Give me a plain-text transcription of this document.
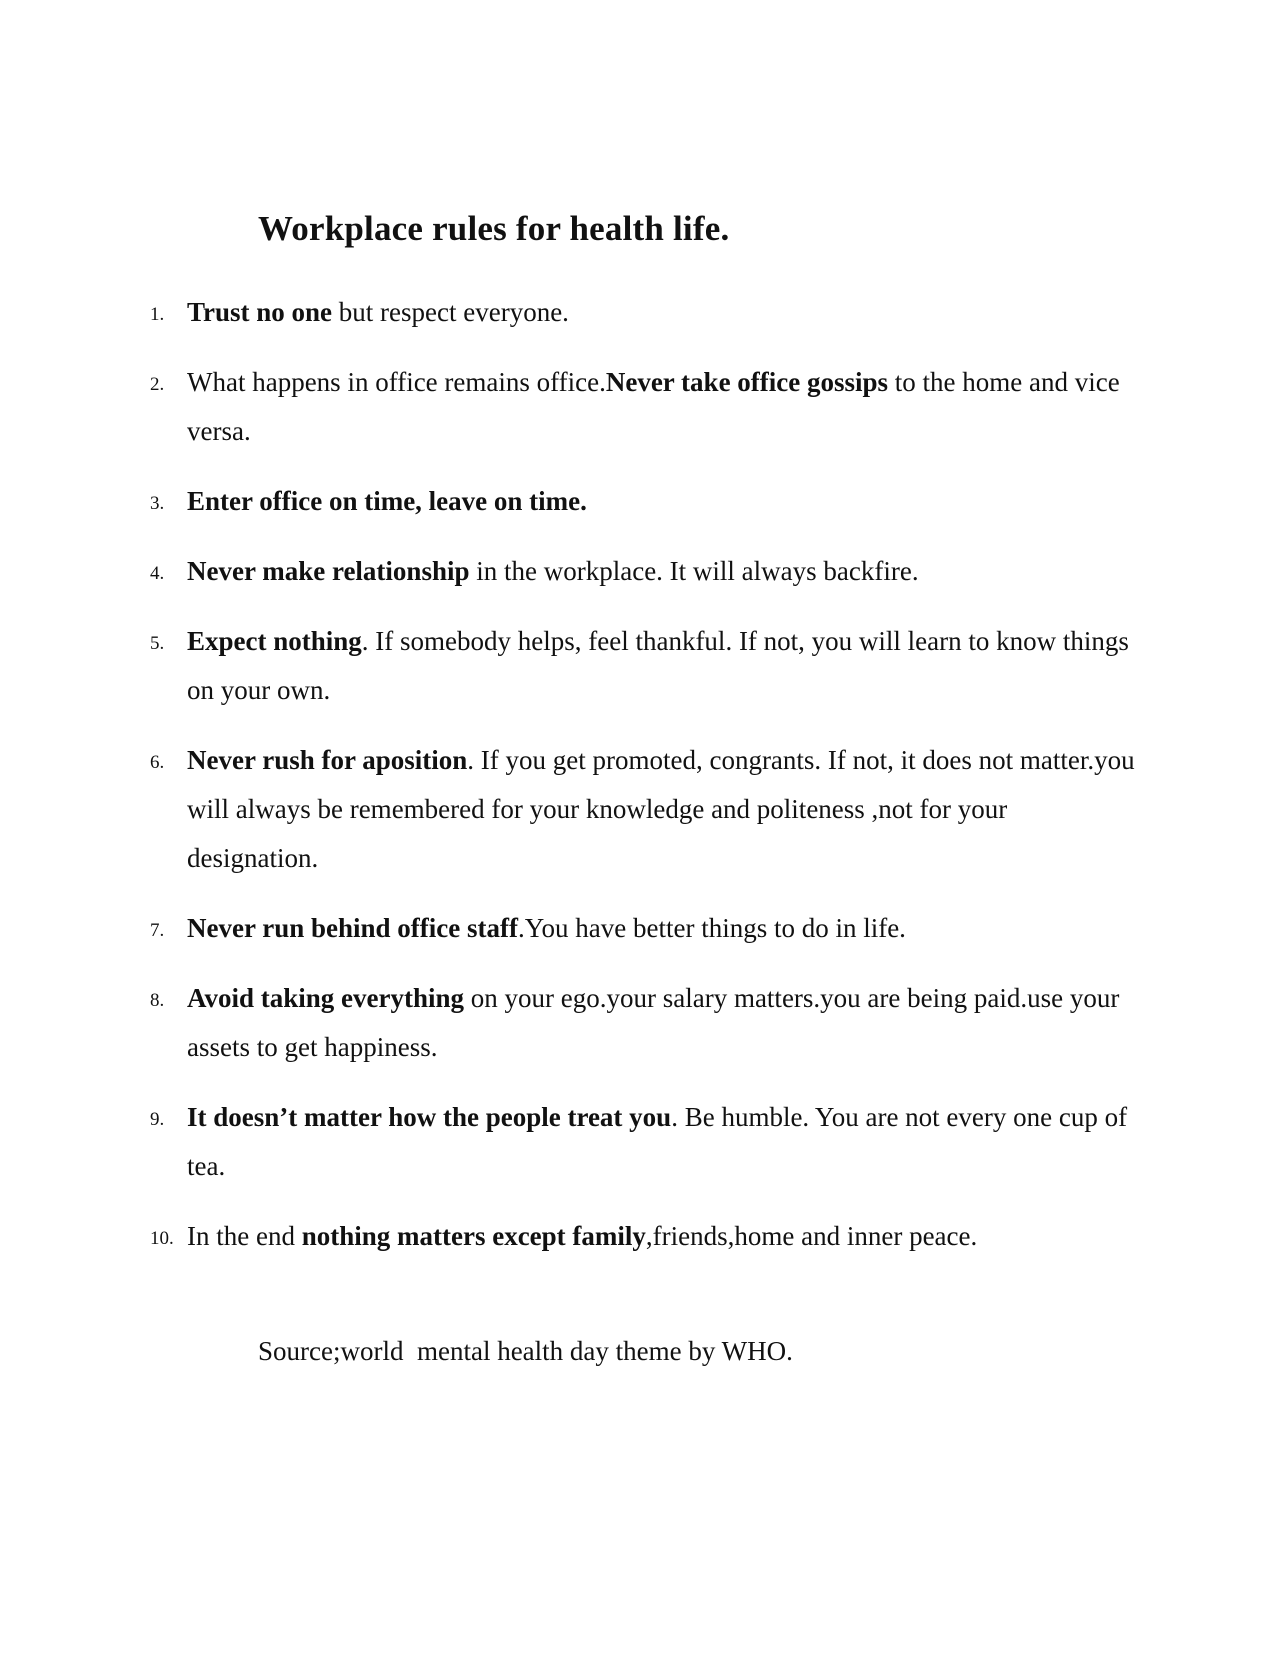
Workplace rules for health life.
1. Trust no one but respect everyone.
2. What happens in office remains office.Never take office gossips to the home and vice versa.
3. Enter office on time, leave on time.
4. Never make relationship in the workplace. It will always backfire.
5. Expect nothing. If somebody helps, feel thankful. If not, you will learn to know things on your own.
6. Never rush for aposition. If you get promoted, congrants. If not, it does not matter.you will always be remembered for your knowledge and politeness ,not for your designation.
7. Never run behind office staff.You have better things to do in life.
8. Avoid taking everything on your ego.your salary matters.you are being paid.use your assets to get happiness.
9. It doesn’t matter how the people treat you. Be humble. You are not every one cup of tea.
10. In the end nothing matters except family,friends,home and inner peace.

Source;world  mental health day theme by WHO.
